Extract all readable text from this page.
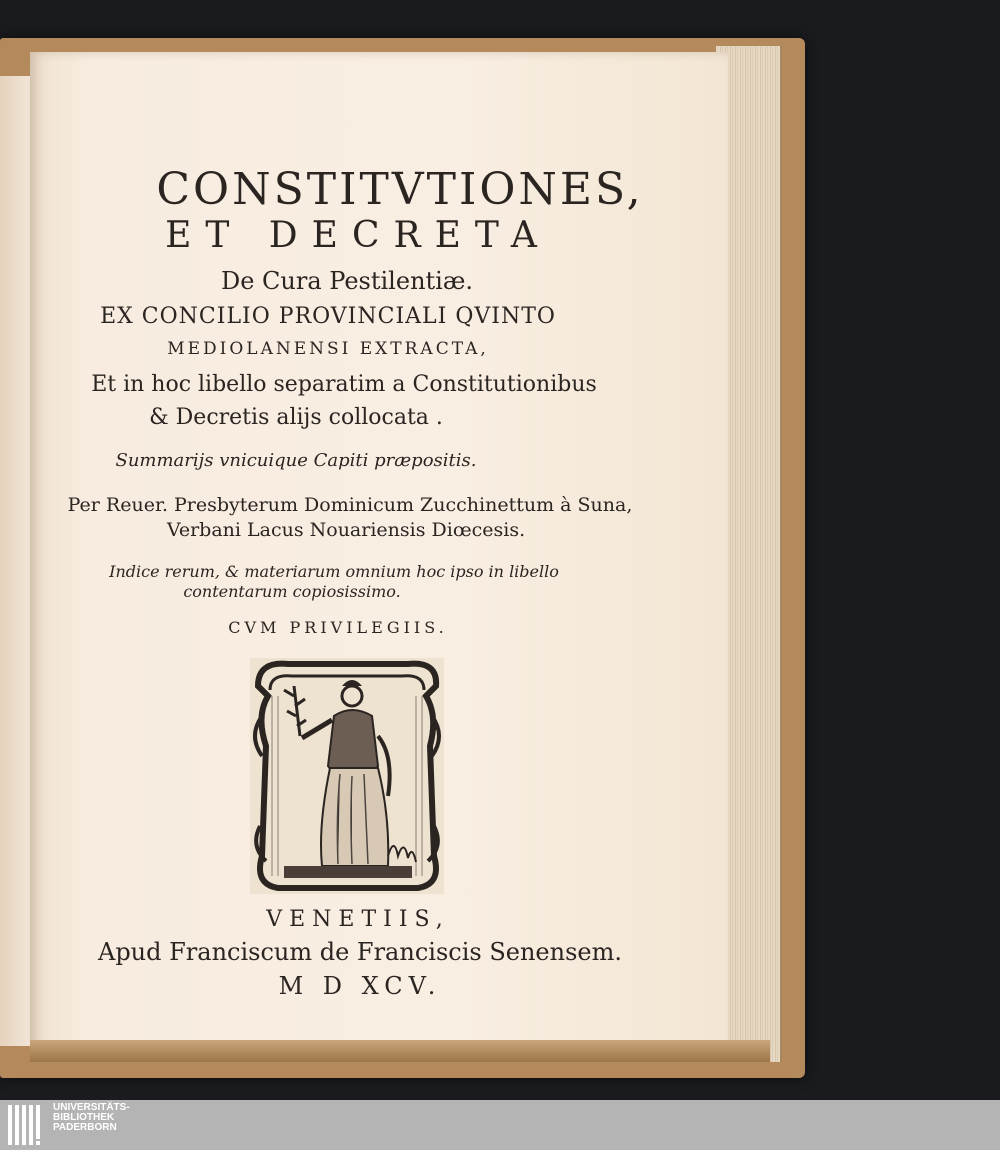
CONSTITVTIONES,
ET DECRETA
De Cura Pestilentiæ.
EX CONCILIO PROVINCIALI QVINTO
MEDIOLANENSI EXTRACTA,
Et in hoc libello separatim a Constitutionibus
& Decretis alijs collocata .
Summarijs vnicuique Capiti præpositis.
Per Reuer. Presbyterum Dominicum Zucchinettum à Suna,
Verbani Lacus Nouariensis Diœcesis.
Indice rerum, & materiarum omnium hoc ipso in libello
contentarum copiosissimo.
CVM PRIVILEGIIS.
VENETIIS,
Apud Franciscum de Franciscis Senensem.
M D XCV.
UNIVERSITÄTS-
BIBLIOTHEK
PADERBORN
